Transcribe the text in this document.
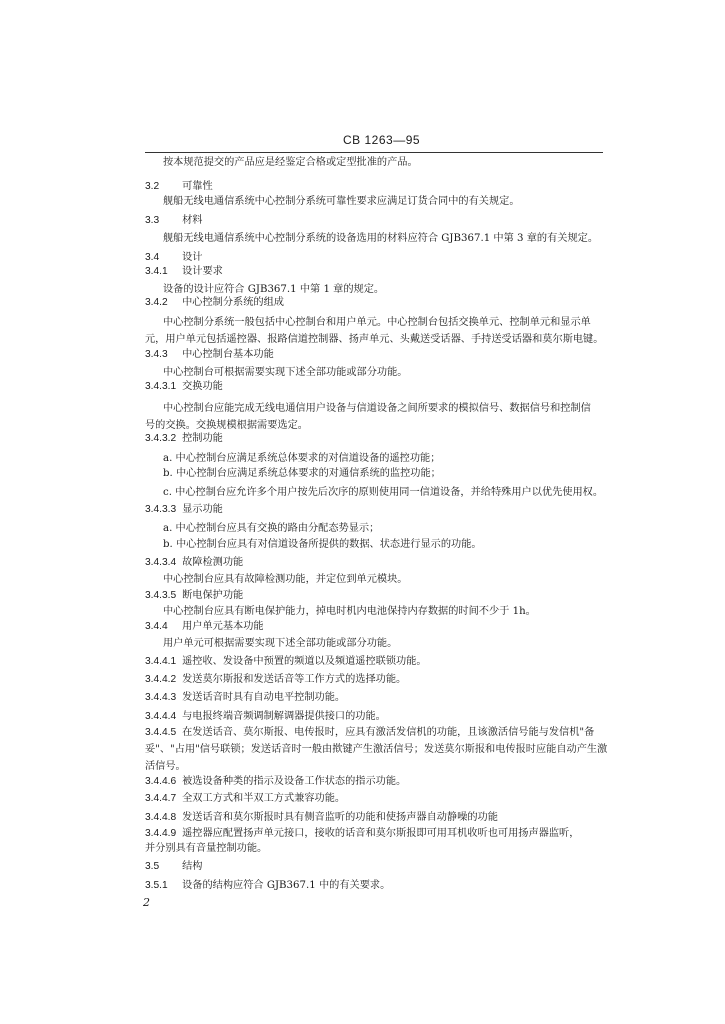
CB 1263—95
按本规范提交的产品应是经鉴定合格或定型批准的产品。
3.2  可靠性
舰船无线电通信系统中心控制分系统可靠性要求应满足订货合同中的有关规定。
3.3  材料
舰船无线电通信系统中心控制分系统的设备选用的材料应符合 GJB367.1 中第 3 章的有关规定。
3.4  设计
3.4.1  设计要求
设备的设计应符合 GJB367.1 中第 1 章的规定。
3.4.2  中心控制分系统的组成
中心控制分系统一般包括中心控制台和用户单元。中心控制台包括交换单元、控制单元和显示单
元，用户单元包括遥控器、报路信道控制器、扬声单元、头戴送受话器、手持送受话器和莫尔斯电键。
3.4.3  中心控制台基本功能
中心控制台可根据需要实现下述全部功能或部分功能。
3.4.3.1  交换功能
中心控制台应能完成无线电通信用户设备与信道设备之间所要求的模拟信号、数据信号和控制信
号的交换。交换规模根据需要选定。
3.4.3.2  控制功能
a. 中心控制台应满足系统总体要求的对信道设备的遥控功能；
b. 中心控制台应满足系统总体要求的对通信系统的监控功能；
c. 中心控制台应允许多个用户按先后次序的原则使用同一信道设备，并给特殊用户以优先使用权。
3.4.3.3  显示功能
a. 中心控制台应具有交换的路由分配态势显示；
b. 中心控制台应具有对信道设备所提供的数据、状态进行显示的功能。
3.4.3.4  故障检测功能
中心控制台应具有故障检测功能，并定位到单元模块。
3.4.3.5  断电保护功能
中心控制台应具有断电保护能力，掉电时机内电池保持内存数据的时间不少于 1h。
3.4.4  用户单元基本功能
用户单元可根据需要实现下述全部功能或部分功能。
3.4.4.1  遥控收、发设备中预置的频道以及频道遥控联锁功能。
3.4.4.2  发送莫尔斯报和发送话音等工作方式的选择功能。
3.4.4.3  发送话音时具有自动电平控制功能。
3.4.4.4  与电报终端音频调制解调器提供接口的功能。
3.4.4.5  在发送话音、莫尔斯报、电传报时，应具有激活发信机的功能，且该激活信号能与发信机"备
妥"、"占用"信号联锁；发送话音时一般由揿键产生激活信号；发送莫尔斯报和电传报时应能自动产生激
活信号。
3.4.4.6  被选设备种类的指示及设备工作状态的指示功能。
3.4.4.7  全双工方式和半双工方式兼容功能。
3.4.4.8  发送话音和莫尔斯报时具有侧音监听的功能和使扬声器自动静噪的功能
3.4.4.9  遥控器应配置扬声单元接口，接收的话音和莫尔斯报即可用耳机收听也可用扬声器监听，
并分别具有音量控制功能。
3.5  结构
3.5.1  设备的结构应符合 GJB367.1 中的有关要求。
2
